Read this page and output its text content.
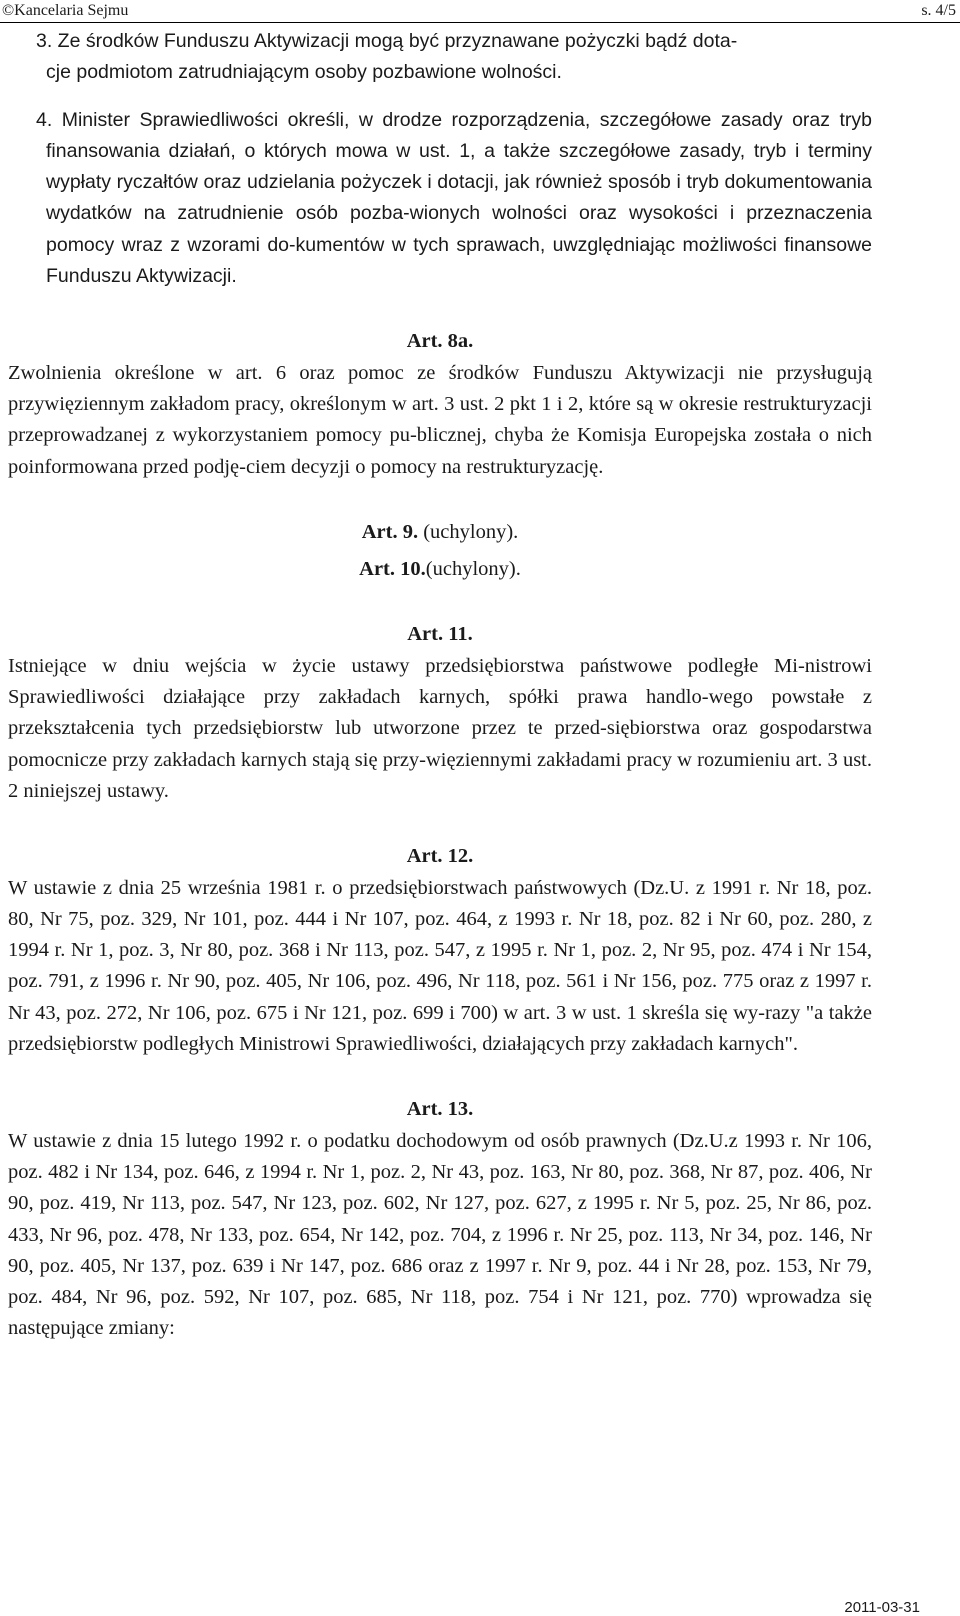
©Kancelaria Sejmu	s. 4/5

3. Ze środków Funduszu Aktywizacji mogą być przyznawane pożyczki bądź dota-

cje podmiotom zatrudniającym osoby pozbawione wolności.

4. Minister Sprawiedliwości określi, w drodze rozporządzenia, szczegółowe zasady oraz tryb finansowania działań, o których mowa w ust. 1, a także szczegółowe zasady, tryb i terminy wypłaty ryczałtów oraz udzielania pożyczek i dotacji, jak również sposób i tryb dokumentowania wydatków na zatrudnienie osób pozba-wionych wolności oraz wysokości i przeznaczenia pomocy wraz z wzorami do-kumentów w tych sprawach, uwzględniając możliwości finansowe Funduszu Aktywizacji.

Art. 8a.

Zwolnienia określone w art. 6 oraz pomoc ze środków Funduszu Aktywizacji nie przysługują przywięziennym zakładom pracy, określonym w art. 3 ust. 2 pkt 1 i 2, które są w okresie restrukturyzacji przeprowadzanej z wykorzystaniem pomocy pu-blicznej, chyba że Komisja Europejska została o nich poinformowana przed podję-ciem decyzji o pomocy na restrukturyzację.

Art. 9. (uchylony).

Art. 10.(uchylony).

Art. 11.

Istniejące w dniu wejścia w życie ustawy przedsiębiorstwa państwowe podległe Mi-nistrowi Sprawiedliwości działające przy zakładach karnych, spółki prawa handlo-wego powstałe z przekształcenia tych przedsiębiorstw lub utworzone przez te przed-siębiorstwa oraz gospodarstwa pomocnicze przy zakładach karnych stają się przy-więziennymi zakładami pracy w rozumieniu art. 3 ust. 2 niniejszej ustawy.

Art. 12.

W ustawie z dnia 25 września 1981 r. o przedsiębiorstwach państwowych (Dz.U. z 1991 r. Nr 18, poz. 80, Nr 75, poz. 329, Nr 101, poz. 444 i Nr 107, poz. 464, z 1993 r. Nr 18, poz. 82 i Nr 60, poz. 280, z 1994 r. Nr 1, poz. 3, Nr 80, poz. 368 i Nr 113, poz. 547, z 1995 r. Nr 1, poz. 2, Nr 95, poz. 474 i Nr 154, poz. 791, z 1996 r. Nr 90, poz. 405, Nr 106, poz. 496, Nr 118, poz. 561 i Nr 156, poz. 775 oraz z 1997 r. Nr 43, poz. 272, Nr 106, poz. 675 i Nr 121, poz. 699 i 700) w art. 3 w ust. 1 skreśla się wy-razy "a także przedsiębiorstw podległych Ministrowi Sprawiedliwości, działających przy zakładach karnych".

Art. 13.

W ustawie z dnia 15 lutego 1992 r. o podatku dochodowym od osób prawnych (Dz.U.z 1993 r. Nr 106, poz. 482 i Nr 134, poz. 646, z 1994 r. Nr 1, poz. 2, Nr 43, poz. 163, Nr 80, poz. 368, Nr 87, poz. 406, Nr 90, poz. 419, Nr 113, poz. 547, Nr 123, poz. 602, Nr 127, poz. 627, z 1995 r. Nr 5, poz. 25, Nr 86, poz. 433, Nr 96, poz. 478, Nr 133, poz. 654, Nr 142, poz. 704, z 1996 r. Nr 25, poz. 113, Nr 34, poz. 146, Nr 90, poz. 405, Nr 137, poz. 639 i Nr 147, poz. 686 oraz z 1997 r. Nr 9, poz. 44 i Nr 28, poz. 153, Nr 79, poz. 484, Nr 96, poz. 592, Nr 107, poz. 685, Nr 118, poz. 754 i Nr 121, poz. 770) wprowadza się następujące zmiany:

2011-03-31
